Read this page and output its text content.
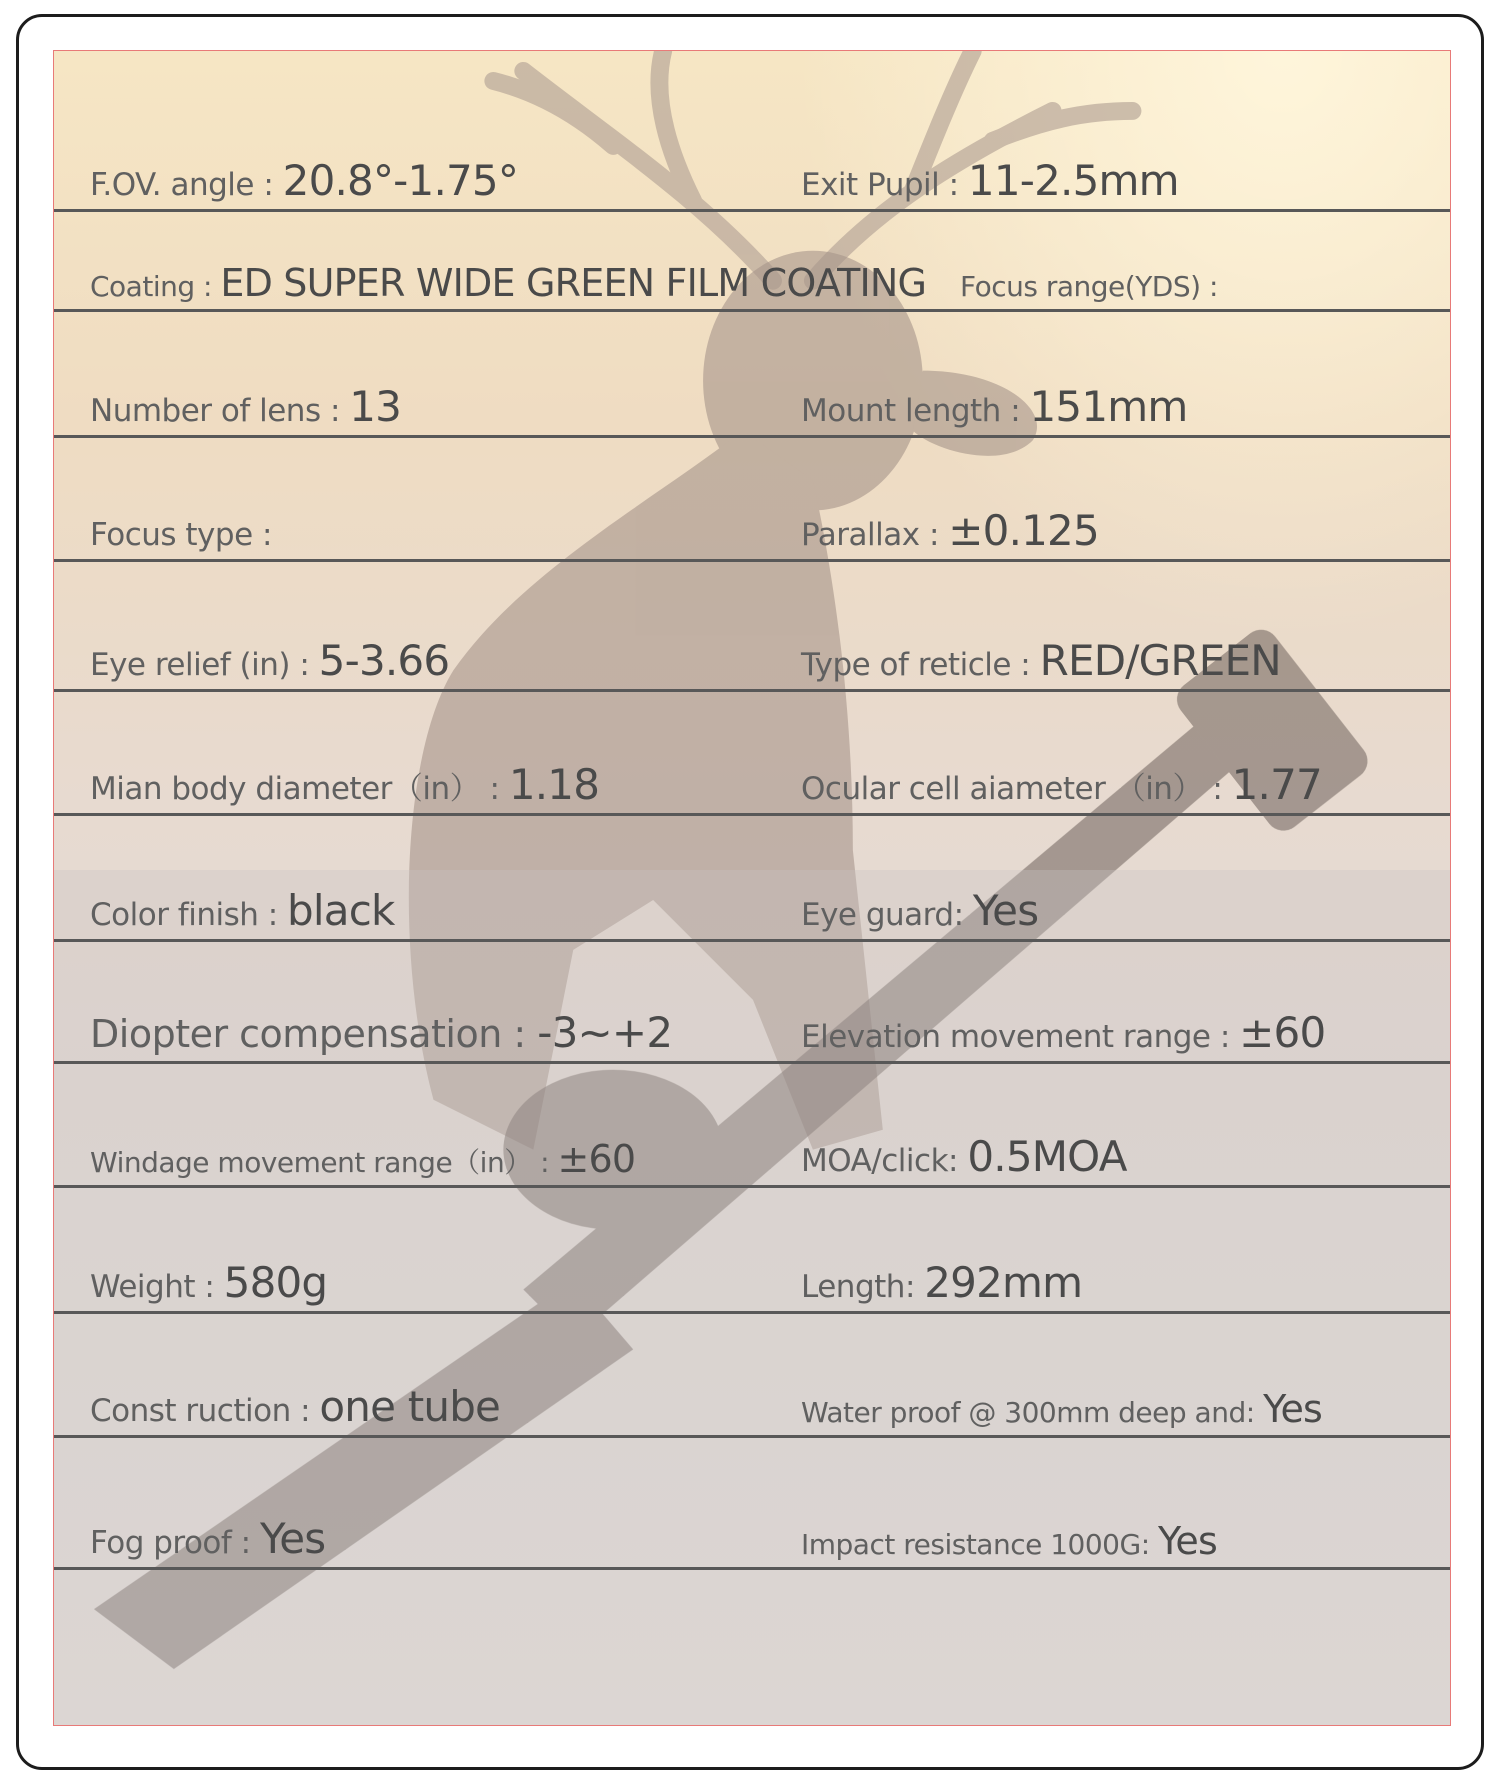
F.OV. angle : 20.8°-1.75°	Exit Pupil : 11-2.5mm
Coating : ED SUPER WIDE GREEN FILM COATING Focus range(YDS) :
Number of lens : 13	Mount length : 151mm
Focus type :	Parallax : ±0.125
Eye relief (in) : 5-3.66	Type of reticle : RED/GREEN
Mian body diameter（in） : 1.18	Ocular cell aiameter （in） : 1.77
Color finish : black	Eye guard: Yes
Diopter compensation : -3~+2	Elevation movement range : ±60
Windage movement range（in） : ±60	MOA/click: 0.5MOA
Weight : 580g	Length: 292mm
Const ruction : one tube	Water proof @ 300mm deep and: Yes
Fog proof : Yes	Impact resistance 1000G: Yes
